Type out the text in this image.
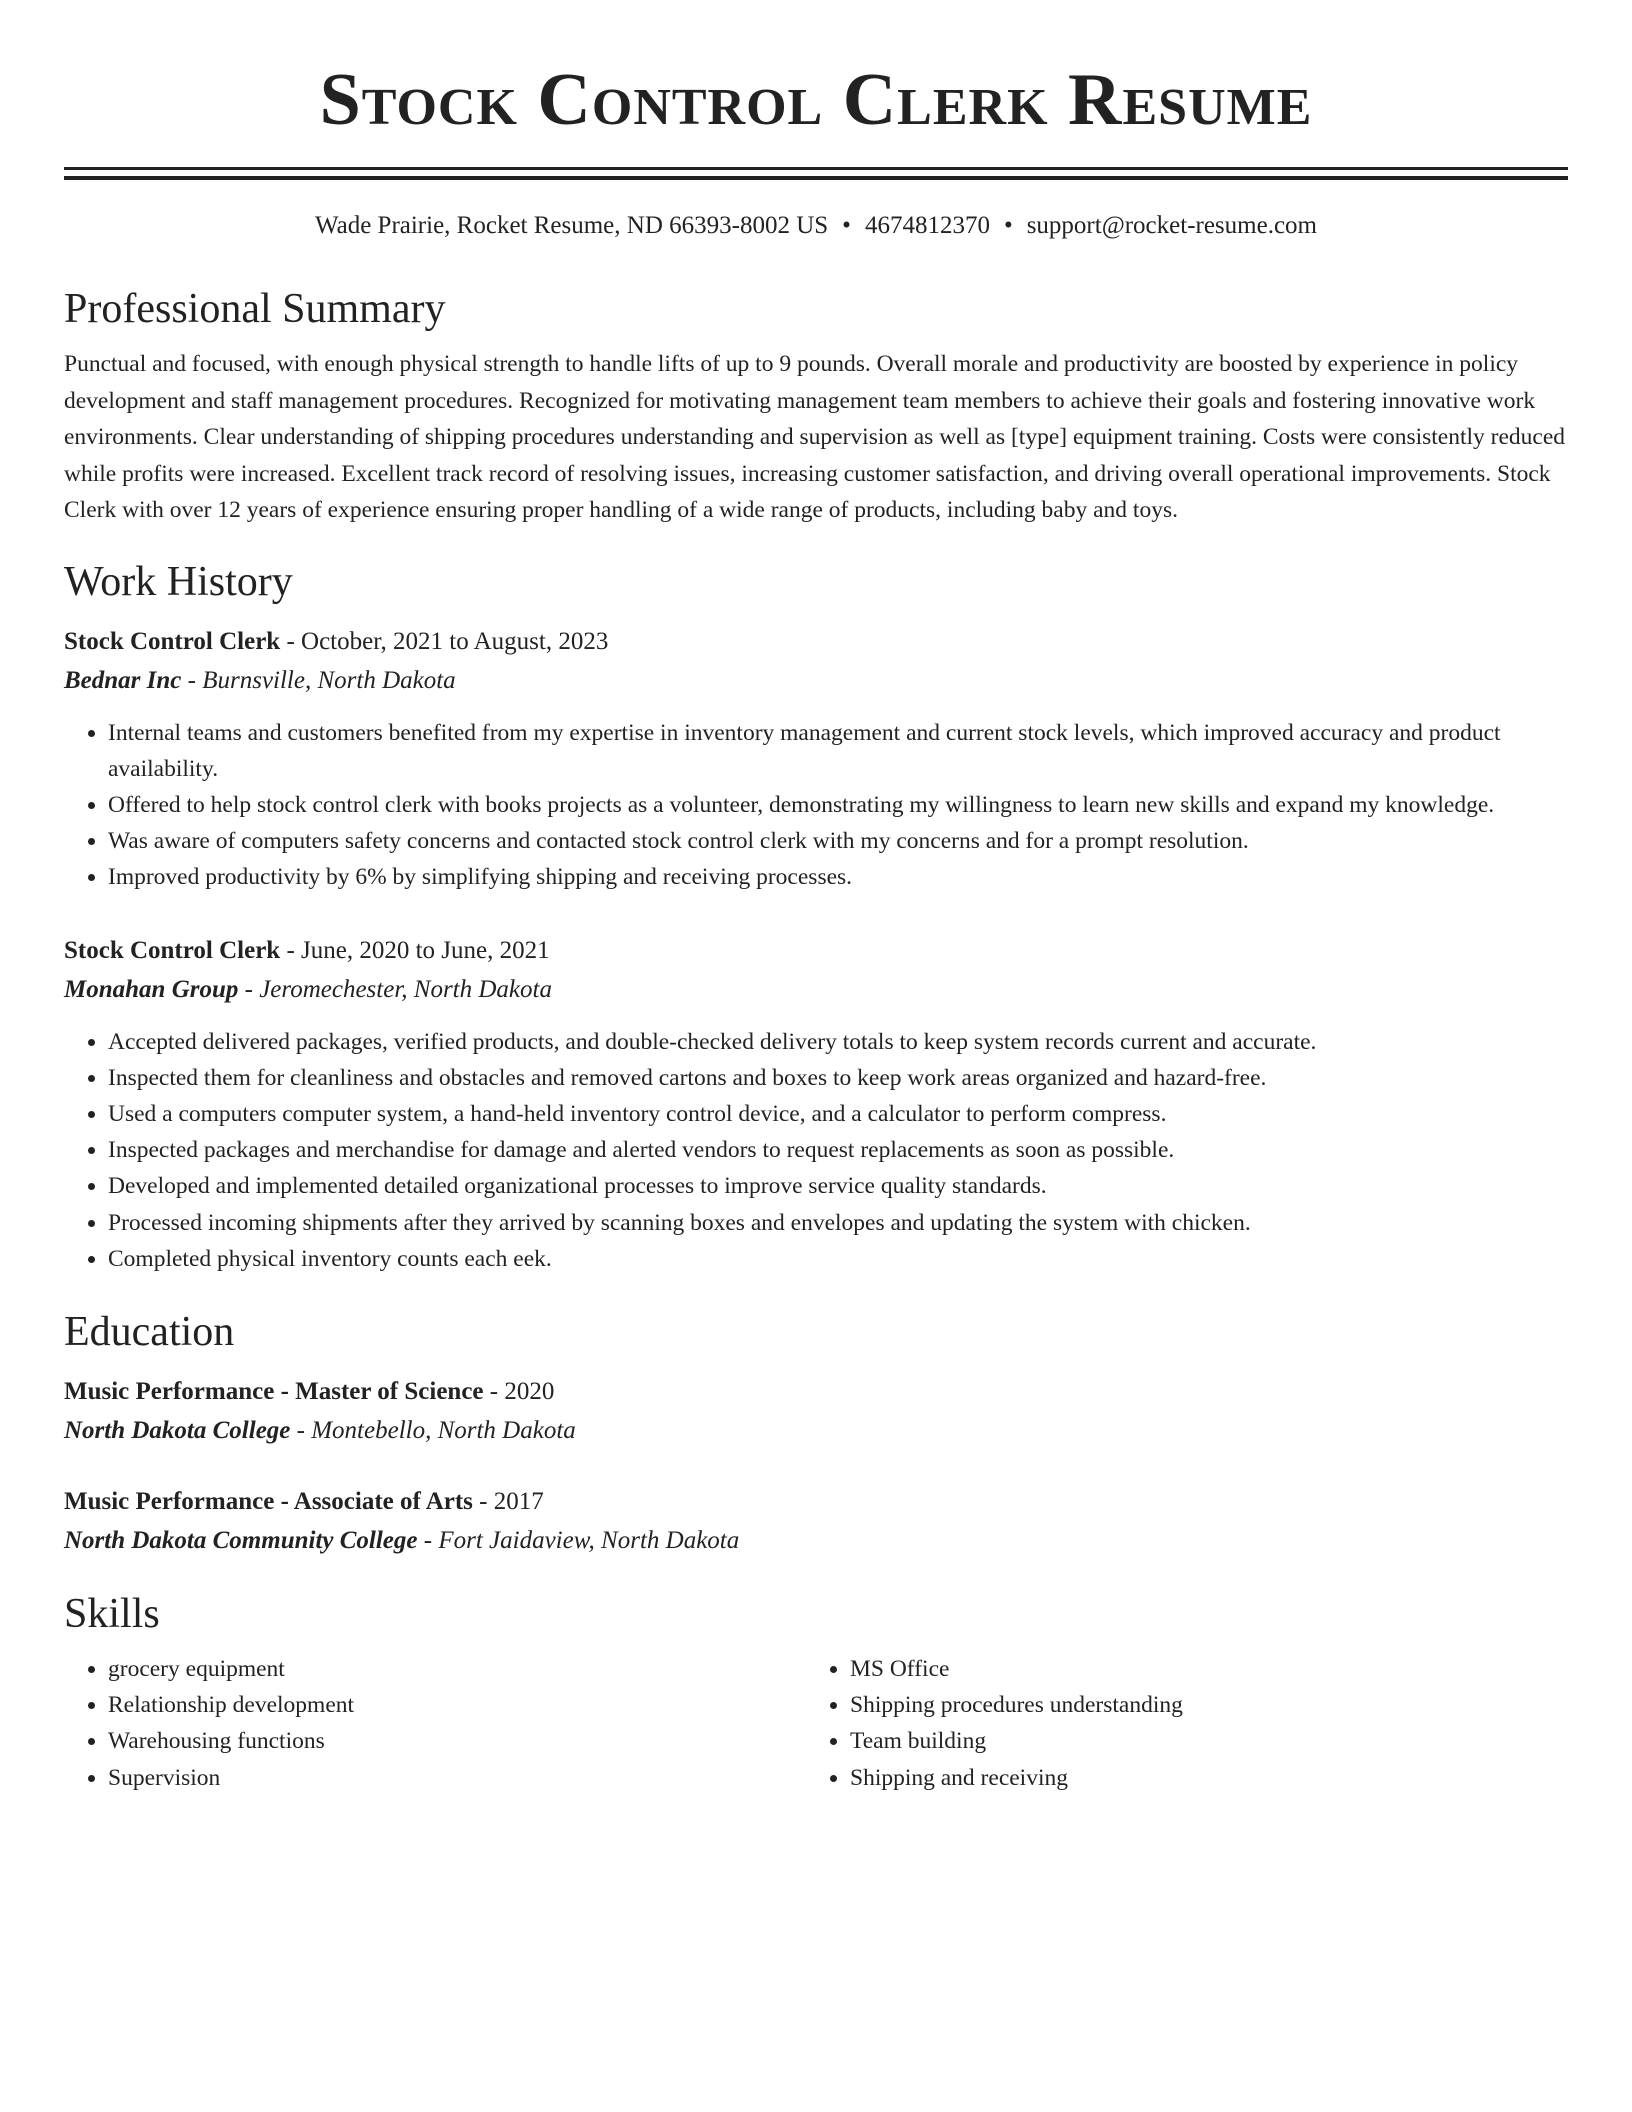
Stock Control Clerk Resume
Wade Prairie, Rocket Resume, ND 66393-8002 US • 4674812370 • support@rocket-resume.com
Professional Summary

Punctual and focused, with enough physical strength to handle lifts of up to 9 pounds. Overall morale and productivity are boosted by experience in policy development and staff management procedures. Recognized for motivating management team members to achieve their goals and fostering innovative work environments. Clear understanding of shipping procedures understanding and supervision as well as [type] equipment training. Costs were consistently reduced while profits were increased. Excellent track record of resolving issues, increasing customer satisfaction, and driving overall operational improvements. Stock Clerk with over 12 years of experience ensuring proper handling of a wide range of products, including baby and toys.

Work History
Stock Control Clerk - October, 2021 to August, 2023
Bednar Inc - Burnsville, North Dakota
• Internal teams and customers benefited from my expertise in inventory management and current stock levels, which improved accuracy and product availability.
• Offered to help stock control clerk with books projects as a volunteer, demonstrating my willingness to learn new skills and expand my knowledge.
• Was aware of computers safety concerns and contacted stock control clerk with my concerns and for a prompt resolution.
• Improved productivity by 6% by simplifying shipping and receiving processes.
Stock Control Clerk - June, 2020 to June, 2021
Monahan Group - Jeromechester, North Dakota
• Accepted delivered packages, verified products, and double-checked delivery totals to keep system records current and accurate.
• Inspected them for cleanliness and obstacles and removed cartons and boxes to keep work areas organized and hazard-free.
• Used a computers computer system, a hand-held inventory control device, and a calculator to perform compress.
• Inspected packages and merchandise for damage and alerted vendors to request replacements as soon as possible.
• Developed and implemented detailed organizational processes to improve service quality standards.
• Processed incoming shipments after they arrived by scanning boxes and envelopes and updating the system with chicken.
• Completed physical inventory counts each eek.
Education
Music Performance - Master of Science - 2020
North Dakota College - Montebello, North Dakota
Music Performance - Associate of Arts - 2017
North Dakota Community College - Fort Jaidaview, North Dakota
Skills
• grocery equipment
• Relationship development
• Warehousing functions
• Supervision
• MS Office
• Shipping procedures understanding
• Team building
• Shipping and receiving
